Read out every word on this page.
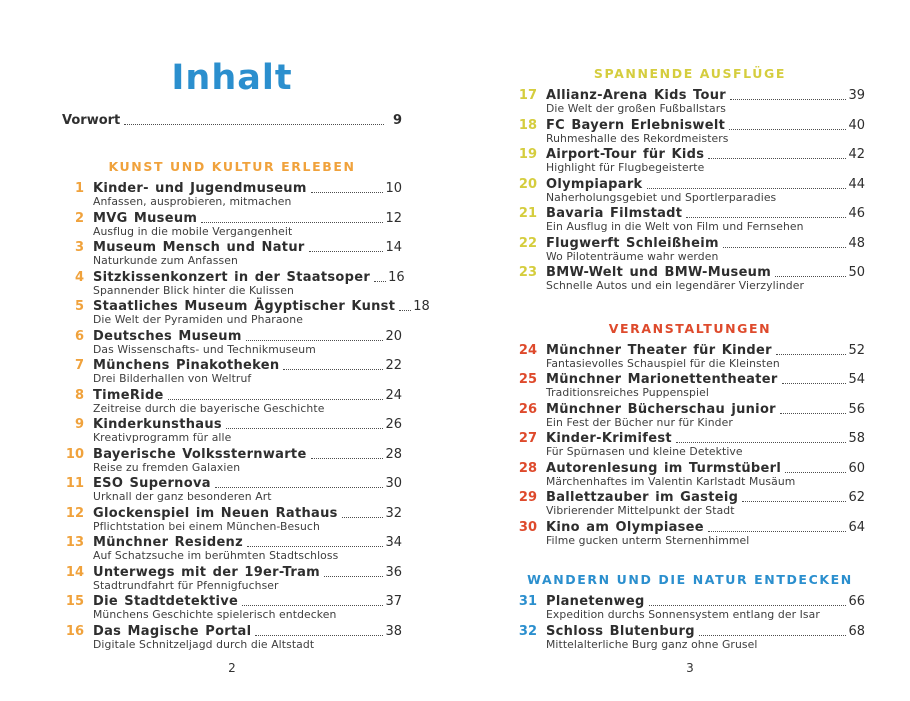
Inhalt
Vorwort	9
KUNST UND KULTUR ERLEBEN
1 Kinder- und Jugendmuseum	10
Anfassen, ausprobieren, mitmachen
2 MVG Museum	12
Ausflug in die mobile Vergangenheit
3 Museum Mensch und Natur	14
Naturkunde zum Anfassen
4 Sitzkissenkonzert in der Staatsoper 16
Spannender Blick hinter die Kulissen
5 Staatliches Museum Ägyptischer Kunst 18
Die Welt der Pyramiden und Pharaone
6 Deutsches Museum	20
Das Wissenschafts- und Technikmuseum
7 Münchens Pinakotheken	22
Drei Bilderhallen von Weltruf
8 TimeRide	24
Zeitreise durch die bayerische Geschichte
9 Kinderkunsthaus	26
Kreativprogramm für alle
10 Bayerische Volkssternwarte	28
Reise zu fremden Galaxien
11 ESO Supernova	30
Urknall der ganz besonderen Art
12 Glockenspiel im Neuen Rathaus	32
Pflichtstation bei einem München-Besuch
13 Münchner Residenz	34
Auf Schatzsuche im berühmten Stadtschloss
14 Unterwegs mit der 19er-Tram	36
Stadtrundfahrt für Pfennigfuchser
15 Die Stadtdetektive	37
Münchens Geschichte spielerisch entdecken
16 Das Magische Portal	38
Digitale Schnitzeljagd durch die Altstadt
2
SPANNENDE AUSFLÜGE
17 Allianz-Arena Kids Tour	39
Die Welt der großen Fußballstars
18 FC Bayern Erlebniswelt	40
Ruhmeshalle des Rekordmeisters
19 Airport-Tour für Kids	42
Highlight für Flugbegeisterte
20 Olympiapark	44
Naherholungsgebiet und Sportlerparadies
21 Bavaria Filmstadt	46
Ein Ausflug in die Welt von Film und Fernsehen
22 Flugwerft Schleißheim	48
Wo Pilotenträume wahr werden
23 BMW-Welt und BMW-Museum	50
Schnelle Autos und ein legendärer Vierzylinder
VERANSTALTUNGEN
24 Münchner Theater für Kinder	52
Fantasievolles Schauspiel für die Kleinsten
25 Münchner Marionettentheater	54
Traditionsreiches Puppenspiel
26 Münchner Bücherschau junior	56
Ein Fest der Bücher nur für Kinder
27 Kinder-Krimifest	58
Für Spürnasen und kleine Detektive
28 Autorenlesung im Turmstüberl	60
Märchenhaftes im Valentin Karlstadt Musäum
29 Ballettzauber im Gasteig	62
Vibrierender Mittelpunkt der Stadt
30 Kino am Olympiasee	64
Filme gucken unterm Sternenhimmel
WANDERN UND DIE NATUR ENTDECKEN
31 Planetenweg	66
Expedition durchs Sonnensystem entlang der Isar
32 Schloss Blutenburg	68
Mittelalterliche Burg ganz ohne Grusel
3
